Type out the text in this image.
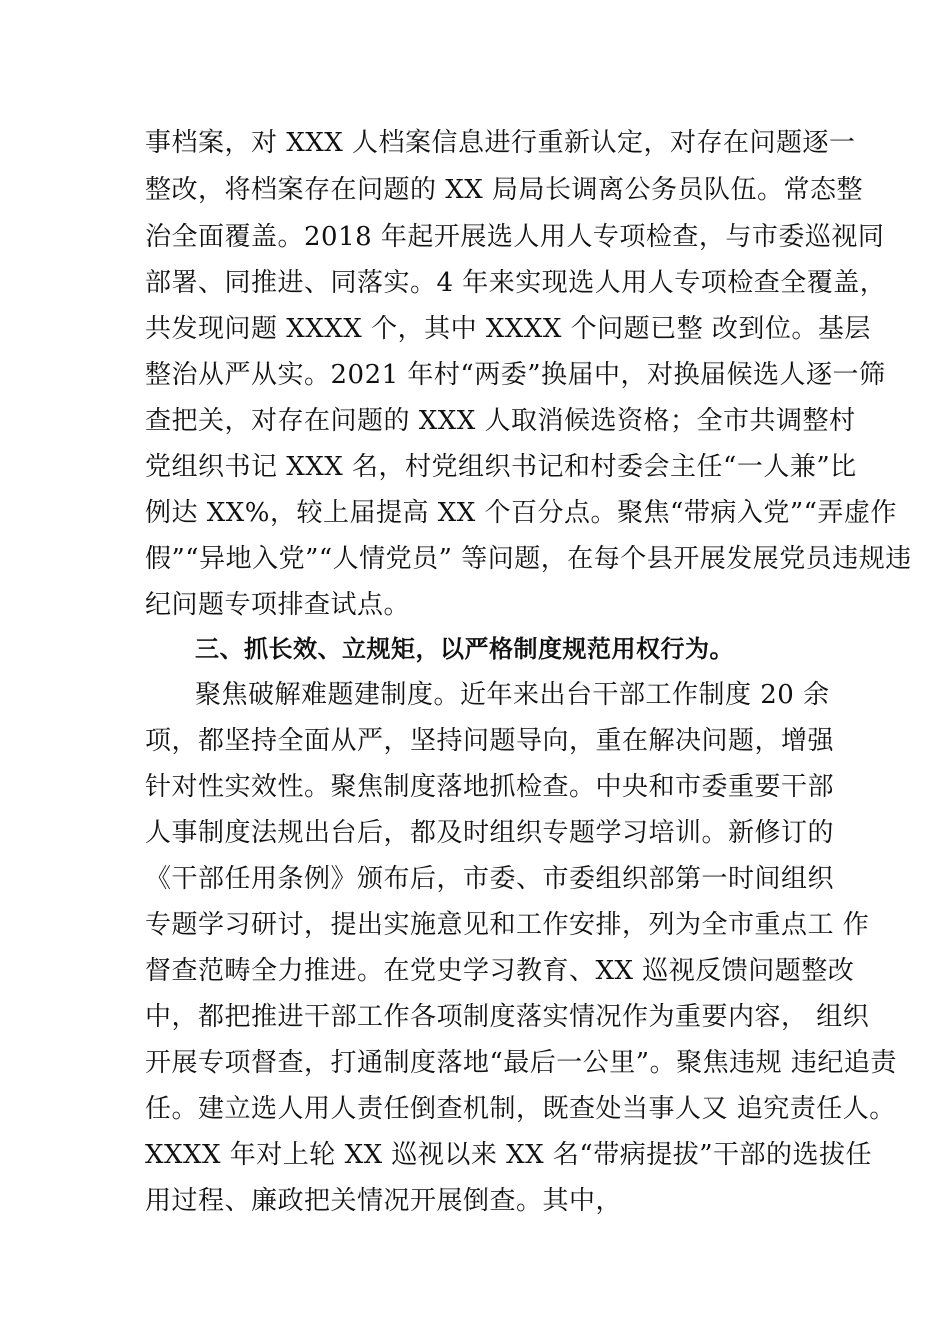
事档案，对 XXX 人档案信息进行重新认定，对存在问题逐一
整改，将档案存在问题的 XX 局局长调离公务员队伍。常态整
治全面覆盖。2018 年起开展选人用人专项检查，与市委巡视同
部署、同推进、同落实。4 年来实现选人用人专项检查全覆盖，
共发现问题 XXXX 个，其中 XXXX 个问题已整 改到位。基层
整治从严从实。2021 年村“两委”换届中，对换届候选人逐一筛
查把关，对存在问题的 XXX 人取消候选资格；全市共调整村
党组织书记 XXX 名，村党组织书记和村委会主任“一人兼”比
例达 XX%，较上届提高 XX 个百分点。聚焦“带病入党”“弄虚作
假”“异地入党”“人情党员” 等问题，在每个县开展发展党员违规违
纪问题专项排查试点。
三、抓长效、立规矩，以严格制度规范用权行为。
聚焦破解难题建制度。近年来出台干部工作制度 20 余
项，都坚持全面从严，坚持问题导向，重在解决问题，增强
针对性实效性。聚焦制度落地抓检查。中央和市委重要干部
人事制度法规出台后，都及时组织专题学习培训。新修订的
《干部任用条例》颁布后，市委、市委组织部第一时间组织
专题学习研讨，提出实施意见和工作安排，列为全市重点工 作
督查范畴全力推进。在党史学习教育、XX 巡视反馈问题整改
中，都把推进干部工作各项制度落实情况作为重要内容， 组织
开展专项督查，打通制度落地“最后一公里”。聚焦违规 违纪追责
任。建立选人用人责任倒查机制，既查处当事人又 追究责任人。
XXXX 年对上轮 XX 巡视以来 XX 名“带病提拔”干部的选拔任
用过程、廉政把关情况开展倒查。其中，
